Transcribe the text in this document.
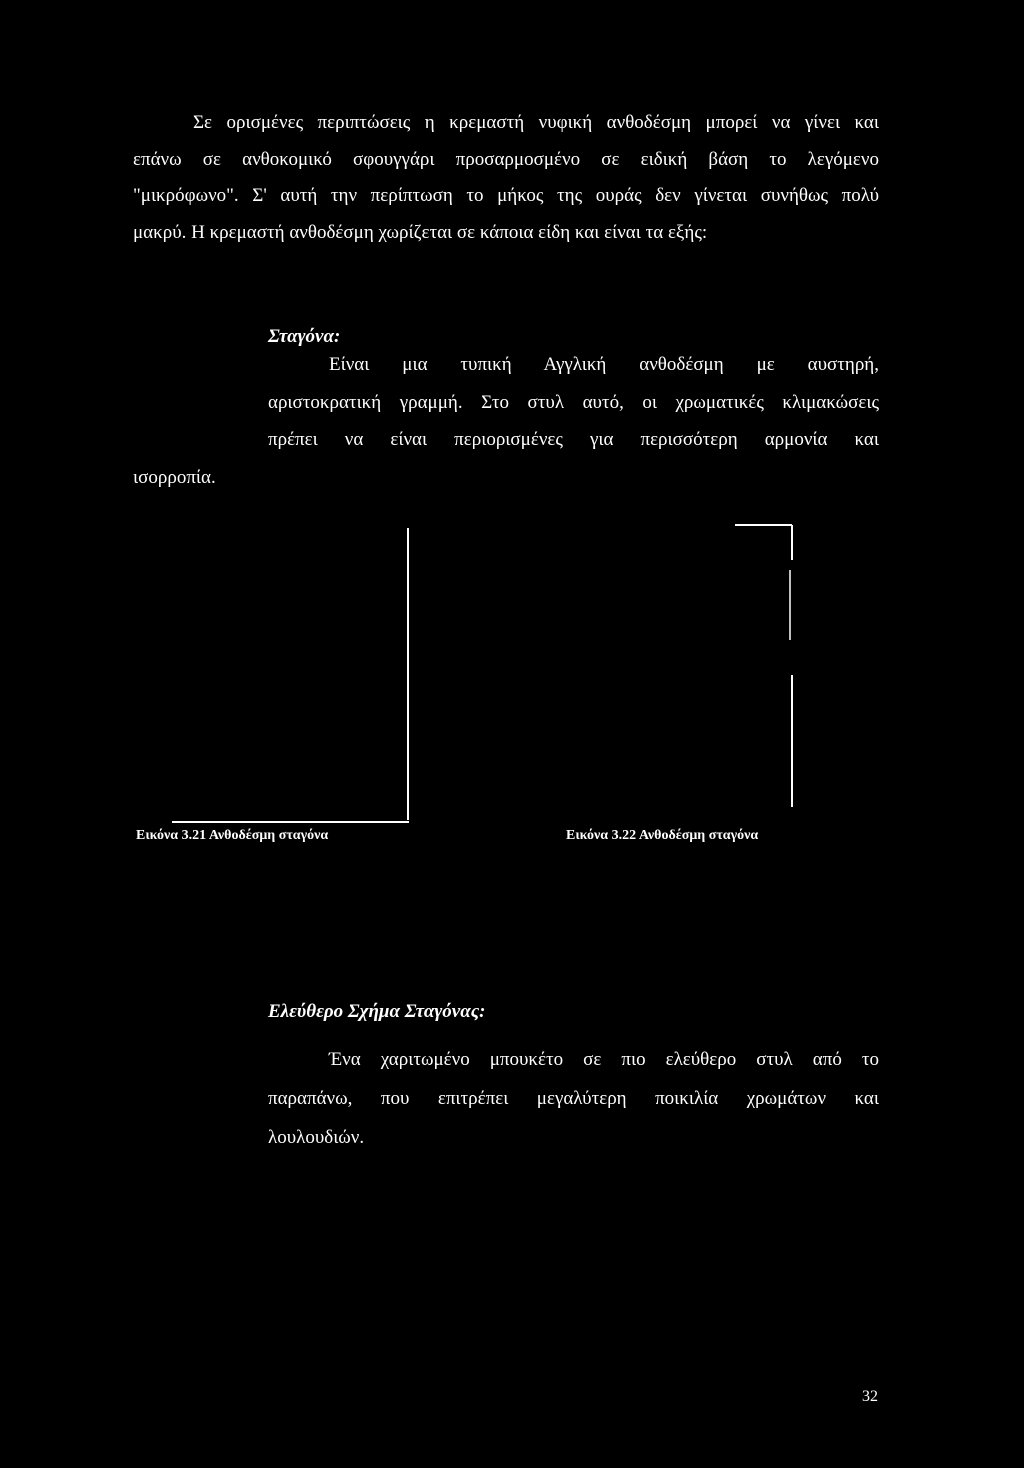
Σε ορισμένες περιπτώσεις η κρεμαστή νυφική ανθοδέσμη μπορεί να γίνει και
επάνω σε ανθοκομικό σφουγγάρι προσαρμοσμένο σε ειδική βάση το λεγόμενο
"μικρόφωνο". Σ' αυτή την περίπτωση το μήκος της ουράς δεν γίνεται συνήθως πολύ
μακρύ. Η κρεμαστή ανθοδέσμη χωρίζεται σε κάποια είδη και είναι τα εξής:
Σταγόνα:
Είναι μια τυπική Αγγλική ανθοδέσμη με αυστηρή,
αριστοκρατική γραμμή. Στο στυλ αυτό, οι χρωματικές κλιμακώσεις
πρέπει να είναι περιορισμένες για περισσότερη αρμονία και
ισορροπία.
Εικόνα 3.21 Ανθοδέσμη σταγόνα	Εικόνα 3.22 Ανθοδέσμη σταγόνα
Ελεύθερο Σχήμα Σταγόνας:
Ένα χαριτωμένο μπουκέτο σε πιο ελεύθερο στυλ από το
παραπάνω, που επιτρέπει μεγαλύτερη ποικιλία χρωμάτων και
λουλουδιών.
32
